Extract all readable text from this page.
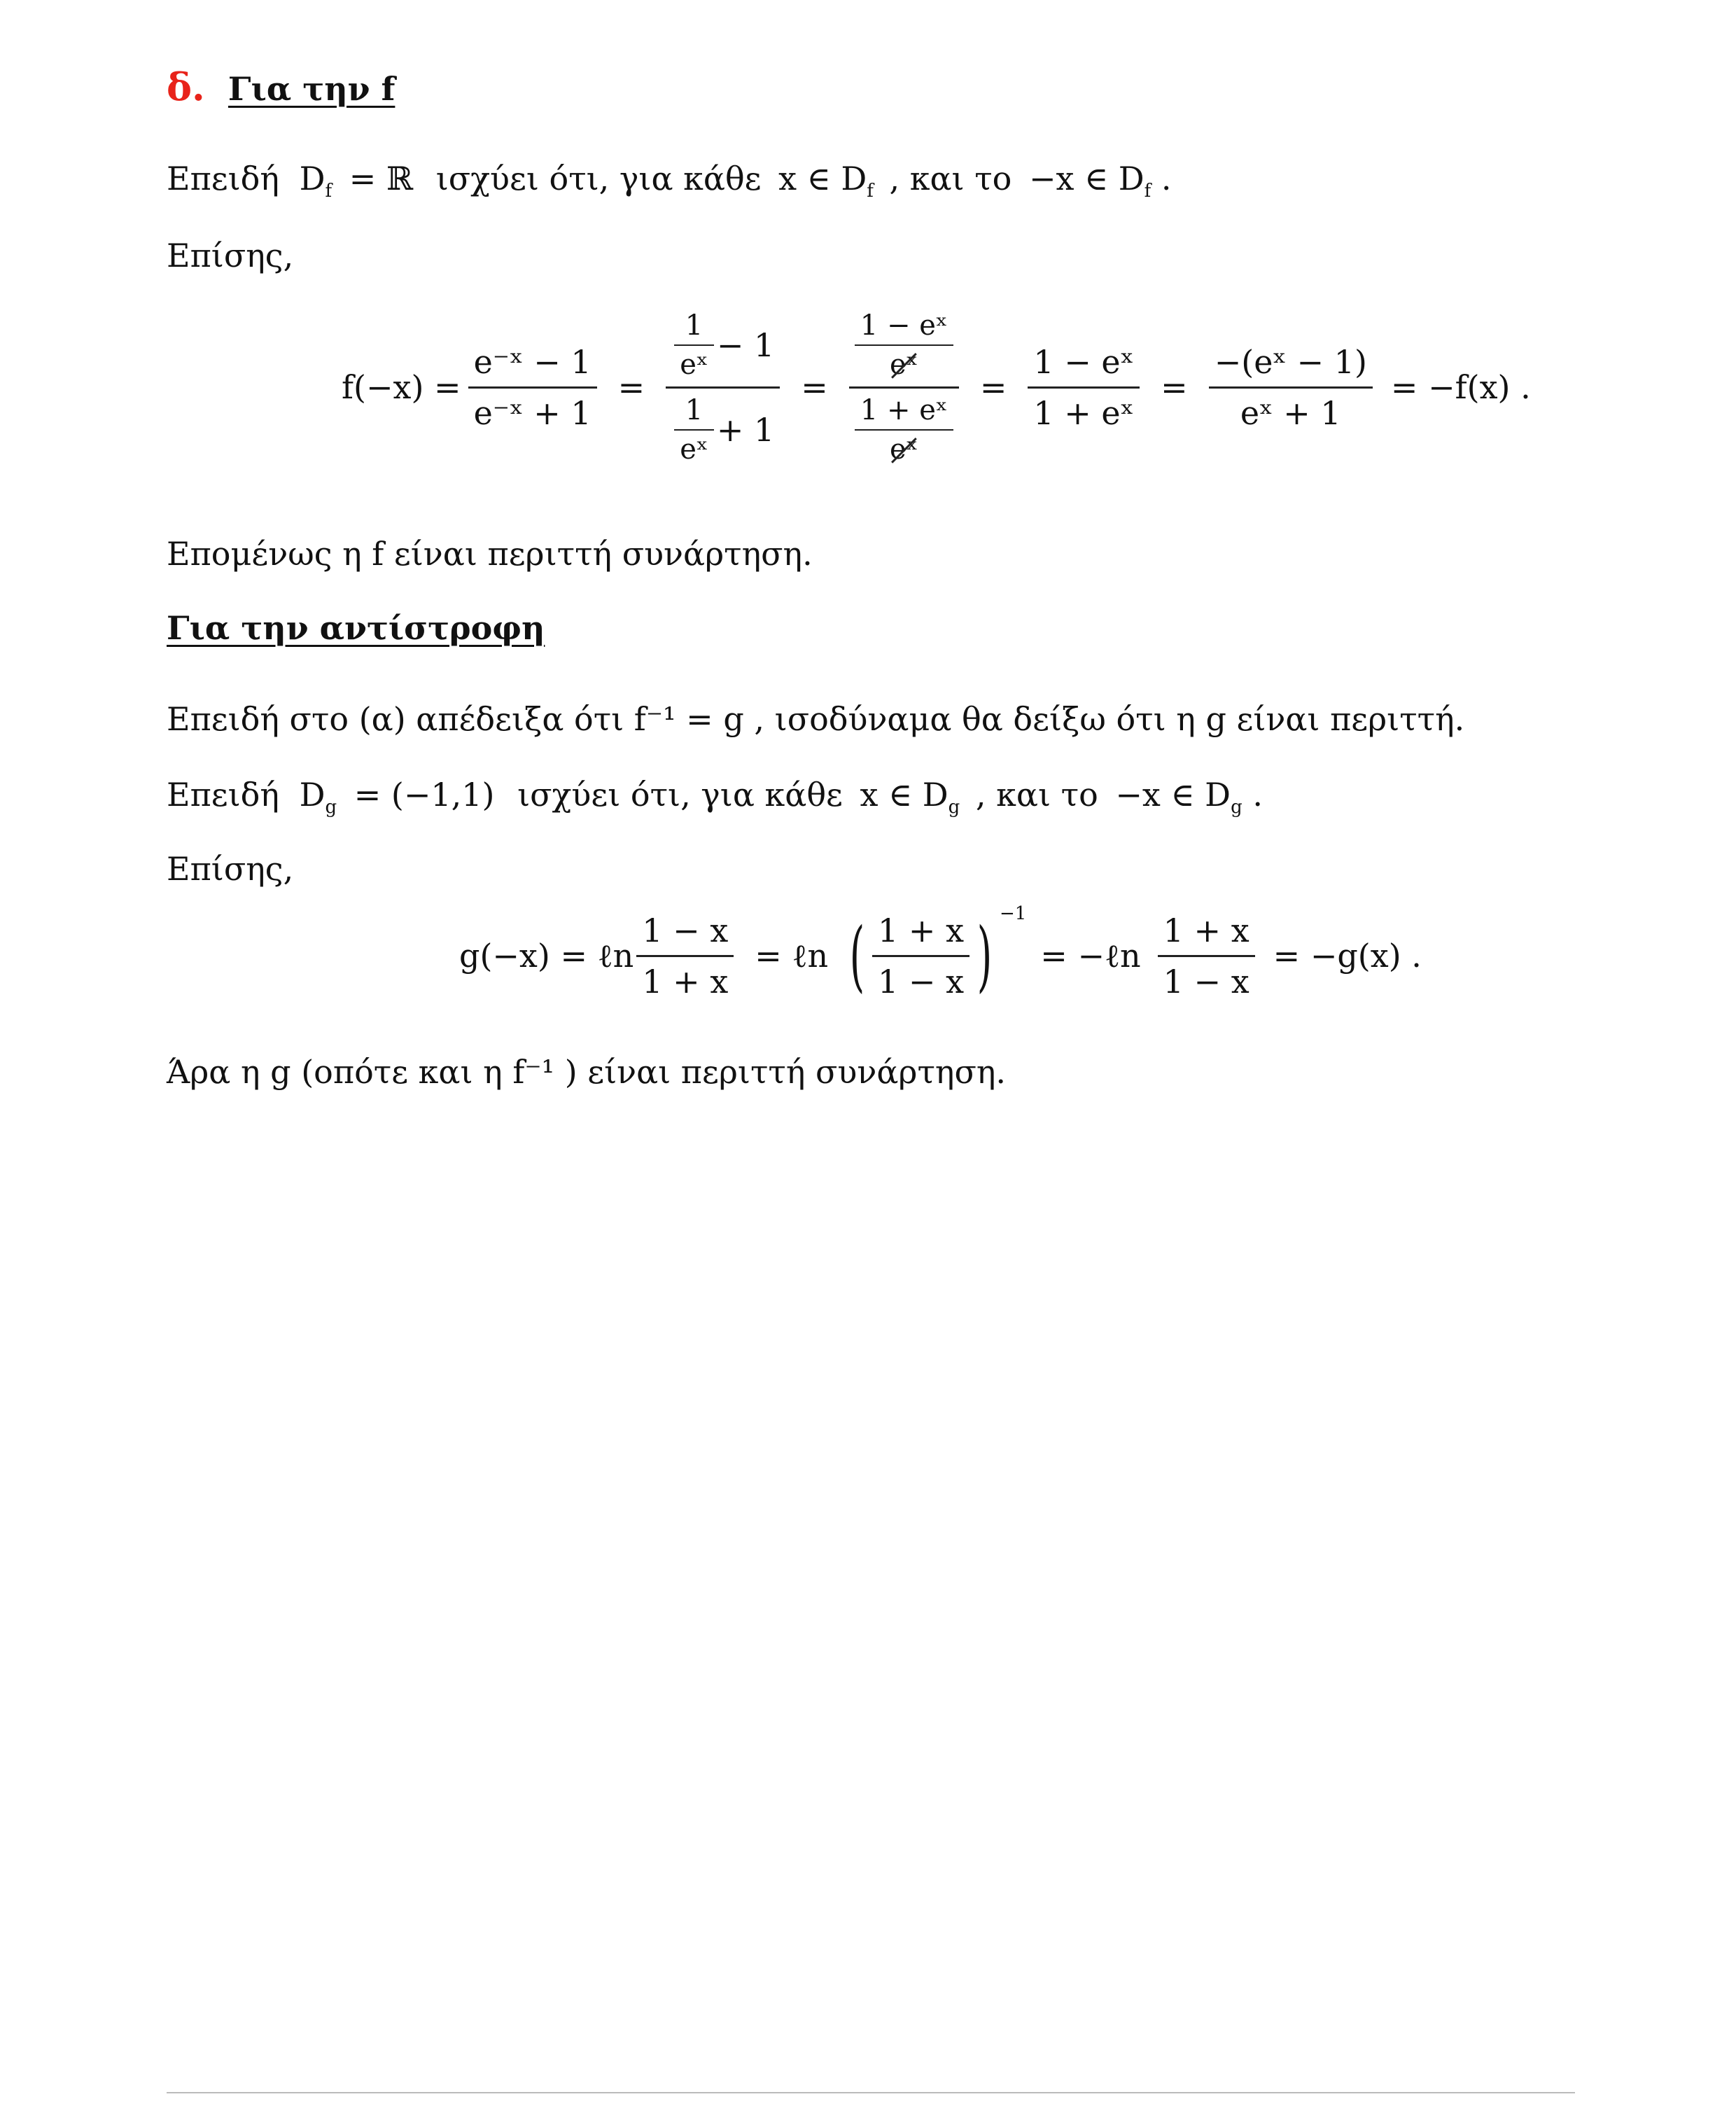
δ. Για την f
Επειδή $D_f$ = ℝ ισχύει ότι, για κάθε x ∈ $D_f$ , και το −x ∈ $D_f$ .
Επίσης,
$f(-x) = \frac{\text{e⁻ˣ − 1}}{\text{e⁻ˣ + 1}} = \frac{\frac{1}{\text{eˣ}} - 1}{\frac{1}{\text{eˣ}} + 1} = \frac{\frac{\text{1 − eˣ}}{\text{eˣ}}}{\frac{\text{1 + eˣ}}{\text{eˣ}}} = \frac{\text{1 − eˣ}}{\text{1 + eˣ}} = \frac{\text{−(eˣ − 1)}}{\text{eˣ + 1}} = -f(x)$ .
Επομένως η f είναι περιττή συνάρτηση.
Για την αντίστροφη
Επειδή στο (α) απέδειξα ότι f⁻¹ = g , ισοδύναμα θα δείξω ότι η g είναι περιττή.
Επειδή $D_g = (-1,1)$ ισχύει ότι, για κάθε x ∈ $D_g$ , και το −x ∈ $D_g$ .
Επίσης,
g(−x) = ℓn $\frac{1 - x}{1 + x}$ = ℓn ( $\frac{1 + x}{1 - x}$ ) −1
= −ℓn $\frac{1 + x}{1 - x} = -g(x)$ .
Άρα η g (οπότε και η f⁻¹ ) είναι περιττή συνάρτηση.
